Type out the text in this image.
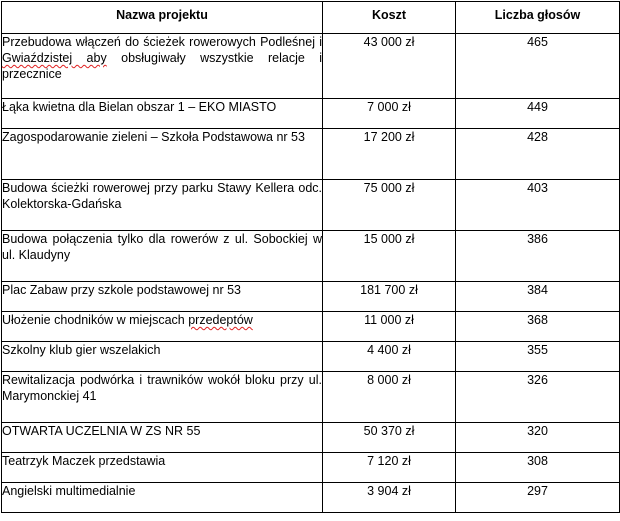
Nazwa projektu	Koszt	Liczba głosów
Przebudowa włączeń do ścieżek rowerowych Podleśnej i Gwiaździstej aby obsługiwały wszystkie relacje i przecznice	43 000 zł	465
Łąka kwietna dla Bielan obszar 1 – EKO MIASTO	7 000 zł	449
Zagospodarowanie zieleni – Szkoła Podstawowa nr 53	17 200 zł	428
Budowa ścieżki rowerowej przy parku Stawy Kellera odc. Kolektorska-Gdańska	75 000 zł	403
Budowa połączenia tylko dla rowerów z ul. Sobockiej w ul. Klaudyny	15 000 zł	386
Plac Zabaw przy szkole podstawowej nr 53	181 700 zł	384
Ułożenie chodników w miejscach przedeptów	11 000 zł	368
Szkolny klub gier wszelakich	4 400 zł	355
Rewitalizacja podwórka i trawników wokół bloku przy ul. Marymonckiej 41	8 000 zł	326
OTWARTA UCZELNIA W ZS NR 55	50 370 zł	320
Teatrzyk Maczek przedstawia	7 120 zł	308
Angielski multimedialnie	3 904 zł	297
